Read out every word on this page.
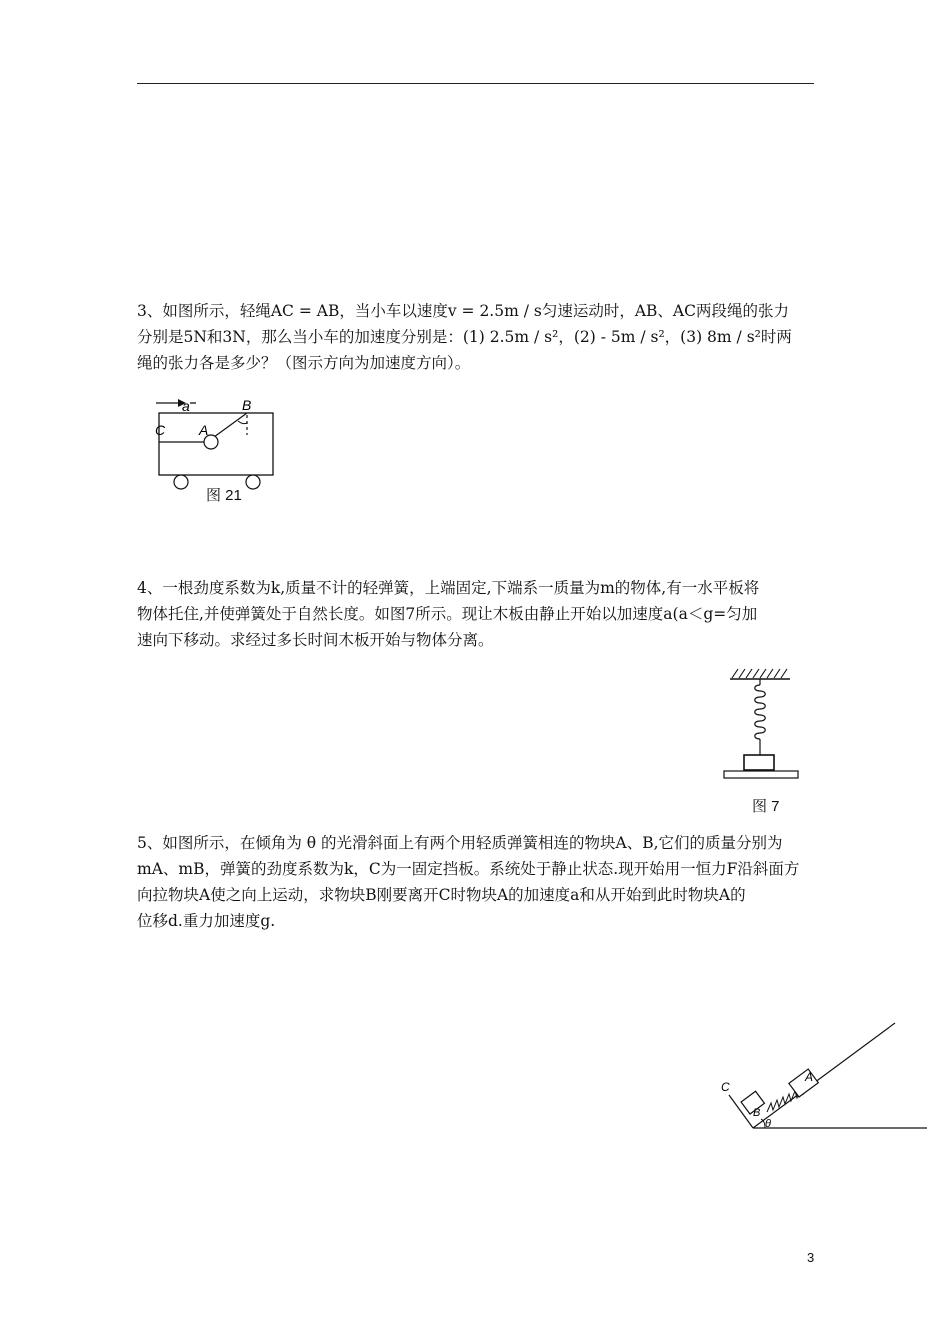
3、如图所示，轻绳AC = AB，当小车以速度v = 2.5m / s匀速运动时，AB、AC两段绳的张力
分别是5N和3N，那么当小车的加速度分别是：(1) 2.5m / s²，(2) - 5m / s²，(3) 8m / s²时两
绳的张力各是多少？（图示方向为加速度方向）。
a	B
C A
图 21
4、一根劲度系数为k,质量不计的轻弹簧，上端固定,下端系一质量为m的物体,有一水平板将
物体托住,并使弹簧处于自然长度。如图7所示。现让木板由静止开始以加速度a(a＜g=匀加
速向下移动。求经过多长时间木板开始与物体分离。
图 7
5、如图所示，在倾角为 θ 的光滑斜面上有两个用轻质弹簧相连的物块A、B,它们的质量分别为
mA、mB，弹簧的劲度系数为k，C为一固定挡板。系统处于静止状态.现开始用一恒力F沿斜面方
向拉物块A使之向上运动，求物块B刚要离开C时物块A的加速度a和从开始到此时物块A的
位移d.重力加速度g.
C
B
A
θ
3
